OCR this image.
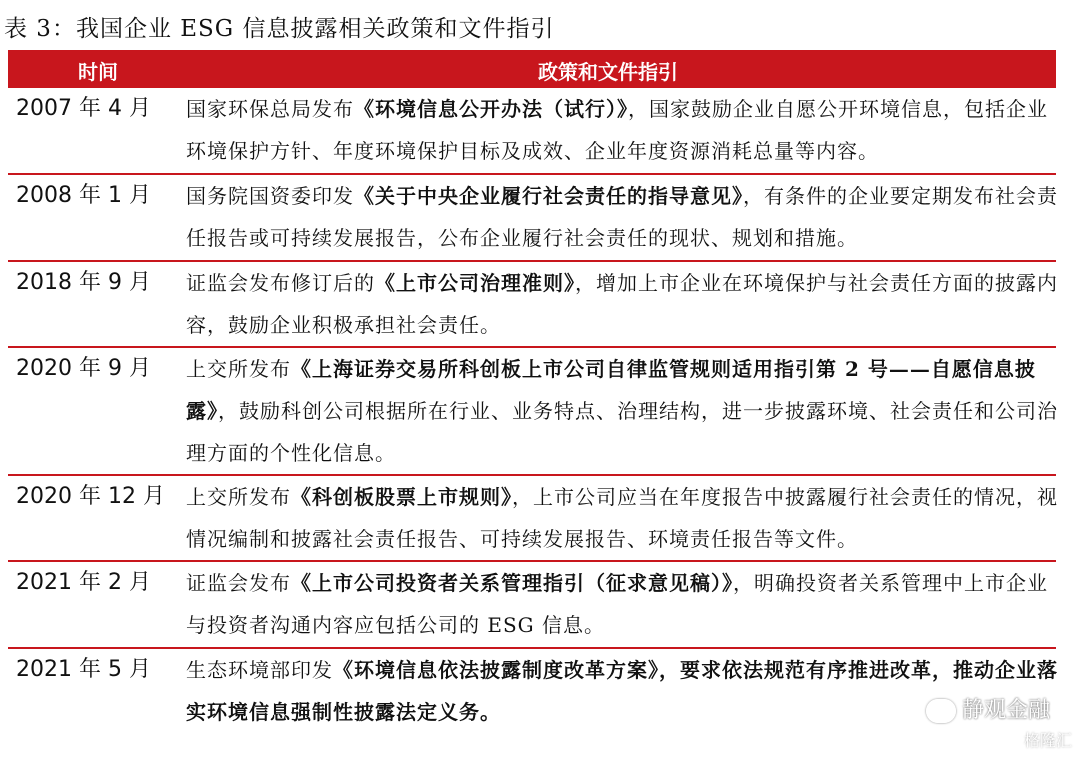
表 3：我国企业 ESG 信息披露相关政策和文件指引
时间	政策和文件指引
2007 年 4 月 国家环保总局发布《环境信息公开办法（试行）》，国家鼓励企业自愿公开环境信息，包括企业环境保护方针、年度环境保护目标及成效、企业年度资源消耗总量等内容。
2008 年 1 月 国务院国资委印发《关于中央企业履行社会责任的指导意见》，有条件的企业要定期发布社会责任报告或可持续发展报告，公布企业履行社会责任的现状、规划和措施。
2018 年 9 月 证监会发布修订后的《上市公司治理准则》，增加上市企业在环境保护与社会责任方面的披露内容，鼓励企业积极承担社会责任。
2020 年 9 月 上交所发布《上海证券交易所科创板上市公司自律监管规则适用指引第 2 号——自愿信息披露》，鼓励科创公司根据所在行业、业务特点、治理结构，进一步披露环境、社会责任和公司治理方面的个性化信息。
2020 年 12 月 上交所发布《科创板股票上市规则》，上市公司应当在年度报告中披露履行社会责任的情况，视情况编制和披露社会责任报告、可持续发展报告、环境责任报告等文件。
2021 年 2 月 证监会发布《上市公司投资者关系管理指引（征求意见稿）》，明确投资者关系管理中上市企业与投资者沟通内容应包括公司的 ESG 信息。
2021 年 5 月 生态环境部印发《环境信息依法披露制度改革方案》，要求依法规范有序推进改革，推动企业落实环境信息强制性披露法定义务。	静观金融
格隆汇
